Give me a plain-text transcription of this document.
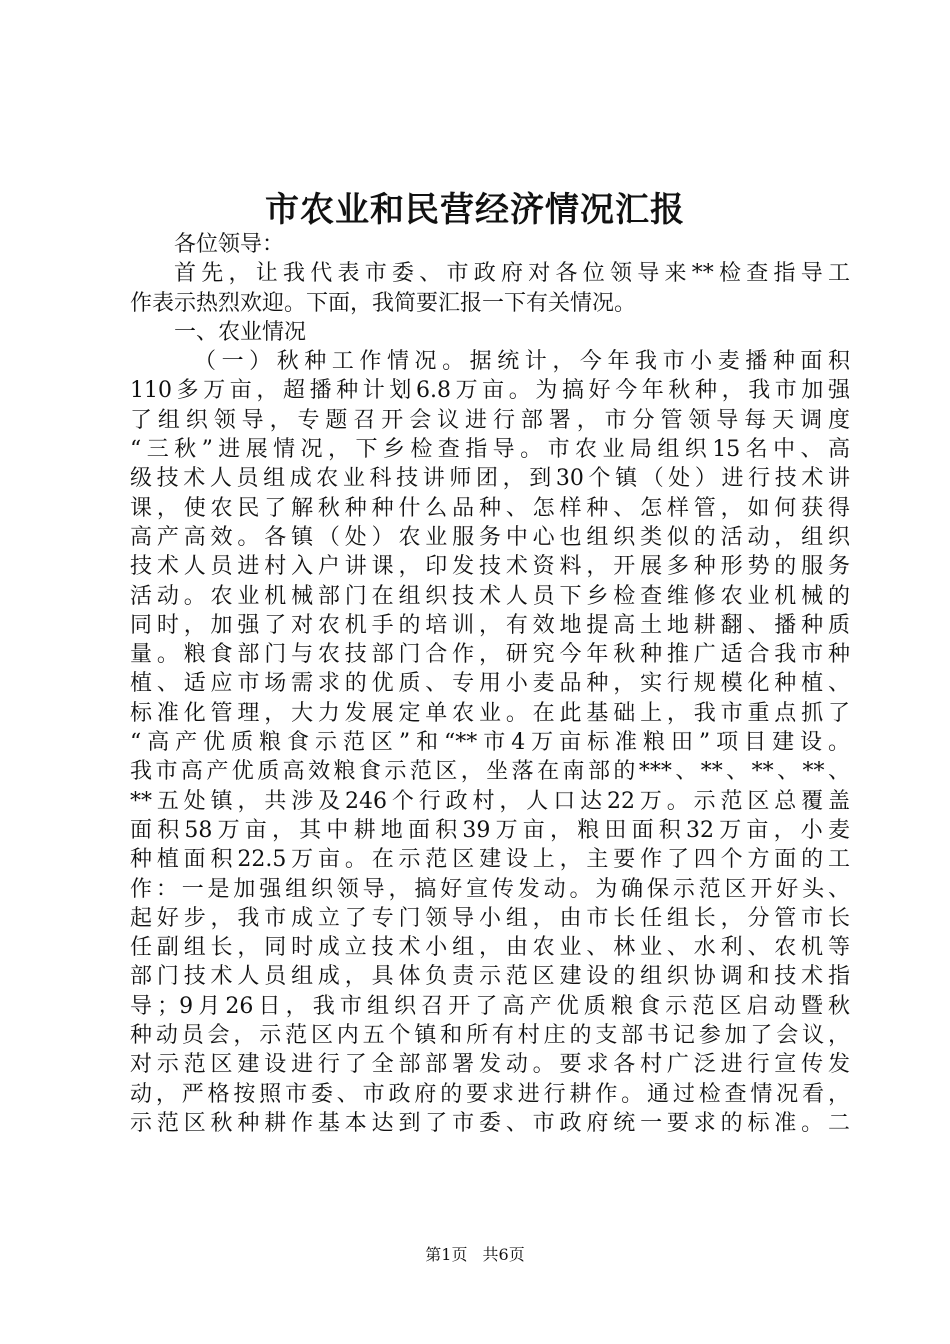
市农业和民营经济情况汇报
各位领导：
首先，让我代表市委、市政府对各位领导来**检查指导工
作表示热烈欢迎。下面，我简要汇报一下有关情况。
一、农业情况
（一）秋种工作情况。据统计，今年我市小麦播种面积
110多万亩，超播种计划6.8万亩。为搞好今年秋种，我市加强
了组织领导，专题召开会议进行部署，市分管领导每天调度
“三秋”进展情况，下乡检查指导。市农业局组织15名中、高
级技术人员组成农业科技讲师团，到30个镇（处）进行技术讲
课，使农民了解秋种种什么品种、怎样种、怎样管，如何获得
高产高效。各镇（处）农业服务中心也组织类似的活动，组织
技术人员进村入户讲课，印发技术资料，开展多种形势的服务
活动。农业机械部门在组织技术人员下乡检查维修农业机械的
同时，加强了对农机手的培训，有效地提高土地耕翻、播种质
量。粮食部门与农技部门合作，研究今年秋种推广适合我市种
植、适应市场需求的优质、专用小麦品种，实行规模化种植、
标准化管理，大力发展定单农业。在此基础上，我市重点抓了
“高产优质粮食示范区”和“**市4万亩标准粮田”项目建设。
我市高产优质高效粮食示范区，坐落在南部的***、**、**、**、
**五处镇，共涉及246个行政村，人口达22万。示范区总覆盖
面积58万亩，其中耕地面积39万亩，粮田面积32万亩，小麦
种植面积22.5万亩。在示范区建设上，主要作了四个方面的工
作：一是加强组织领导，搞好宣传发动。为确保示范区开好头、
起好步，我市成立了专门领导小组，由市长任组长，分管市长
任副组长，同时成立技术小组，由农业、林业、水利、农机等
部门技术人员组成，具体负责示范区建设的组织协调和技术指
导；9月26日，我市组织召开了高产优质粮食示范区启动暨秋
种动员会，示范区内五个镇和所有村庄的支部书记参加了会议，
对示范区建设进行了全部部署发动。要求各村广泛进行宣传发
动，严格按照市委、市政府的要求进行耕作。通过检查情况看，
示范区秋种耕作基本达到了市委、市政府统一要求的标准。二
第1页 共6页
